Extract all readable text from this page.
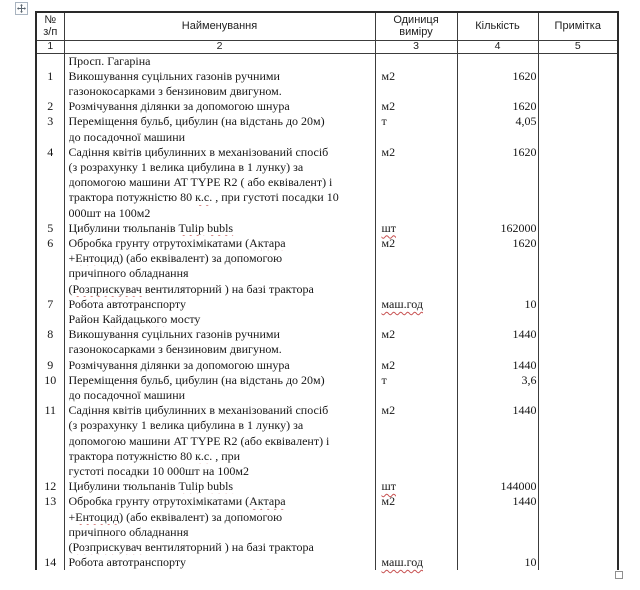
№ з/п	Найменування	Одиниця виміру	Кількість	Примітка
1	2	3	4	5

	Просп. Гагаріна			

1	Викошування суцільних газонів ручними
газонокосарками з бензиновим двигуном.	м2	1620	
2	Розмічування ділянки за допомогою шнура	м2	1620	
3	Переміщення бульб, цибулин (на відстань до 20м)
до посадочної машини	т	4,05	
4	Садіння квітів цибулинних в механізований спосіб
(з розрахунку 1 велика цибулина в 1 лунку) за
допомогою машини AT TYPE R2 ( або еквівалент) і
трактора потужністю 80 к.с. , при густоті посадки 10
000шт на 100м2	м2	1620	
5	Цибулини тюльпанів Tulip bubls	шт	162000	
6	Обробка грунту отрутохімікатами (Актара
+Ентоцид) (або еквівалент) за допомогою
причіпного обладнання
(Розприскувач вентиляторний ) на базі трактора	м2	1620	
7	Робота автотранспорту	маш.год	10	

	Район Кайдацького мосту			

8	Викошування суцільних газонів ручними
газонокосарками з бензиновим двигуном.	м2	1440	
9	Розмічування ділянки за допомогою шнура	м2	1440	
10	Переміщення бульб, цибулин (на відстань до 20м)
до посадочної машини	т	3,6	
11	Садіння квітів цибулинних в механізований спосіб
(з розрахунку 1 велика цибулина в 1 лунку) за
допомогою машини AT TYPE R2 (або еквівалент) і
трактора потужністю 80 к.с. , при
густоті посадки 10 000шт на 100м2	м2	1440	
12	Цибулини тюльпанів Tulip bubls	шт	144000	
13	Обробка грунту отрутохімікатами (Актара
+Ентоцид) (або еквівалент) за допомогою
причіпного обладнання
(Розприскувач вентиляторний ) на базі трактора	м2	1440	
14	Робота автотранспорту	маш.год	10	
